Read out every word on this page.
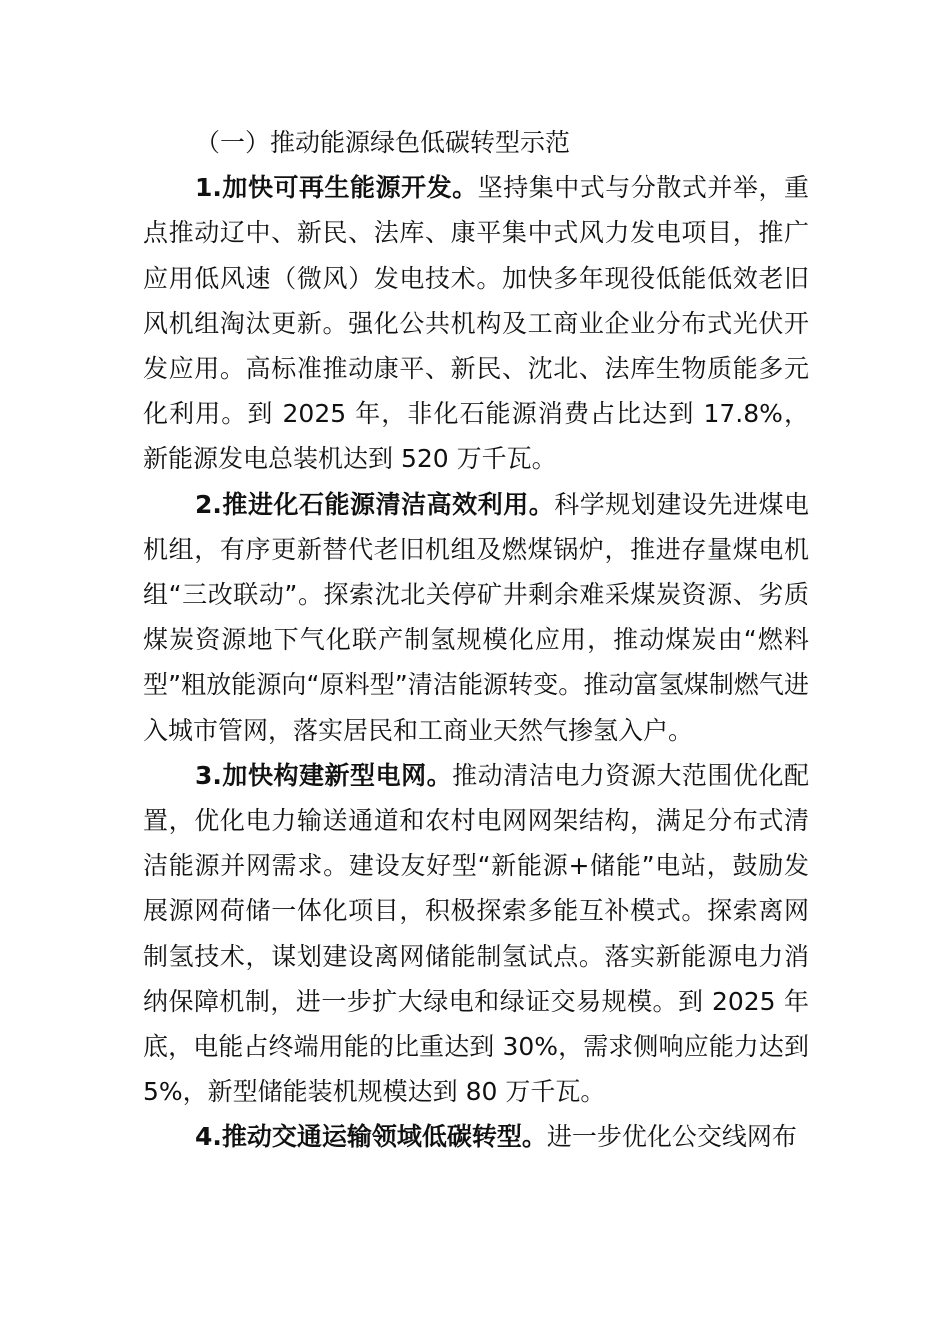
（一）推动能源绿色低碳转型示范

1.加快可再生能源开发。坚持集中式与分散式并举，重点推动辽中、新民、法库、康平集中式风力发电项目，推广应用低风速（微风）发电技术。加快多年现役低能低效老旧风机组淘汰更新。强化公共机构及工商业企业分布式光伏开发应用。高标准推动康平、新民、沈北、法库生物质能多元化利用。到 2025 年，非化石能源消费占比达到 17.8%，新能源发电总装机达到 520 万千瓦。

2.推进化石能源清洁高效利用。科学规划建设先进煤电机组，有序更新替代老旧机组及燃煤锅炉，推进存量煤电机组“三改联动”。探索沈北关停矿井剩余难采煤炭资源、劣质煤炭资源地下气化联产制氢规模化应用，推动煤炭由“燃料型”粗放能源向“原料型”清洁能源转变。推动富氢煤制燃气进入城市管网，落实居民和工商业天然气掺氢入户。

3.加快构建新型电网。推动清洁电力资源大范围优化配置，优化电力输送通道和农村电网网架结构，满足分布式清洁能源并网需求。建设友好型“新能源+储能”电站，鼓励发展源网荷储一体化项目，积极探索多能互补模式。探索离网制氢技术，谋划建设离网储能制氢试点。落实新能源电力消纳保障机制，进一步扩大绿电和绿证交易规模。到 2025 年底，电能占终端用能的比重达到 30%，需求侧响应能力达到 5%，新型储能装机规模达到 80 万千瓦。

4.推动交通运输领域低碳转型。进一步优化公交线网布
